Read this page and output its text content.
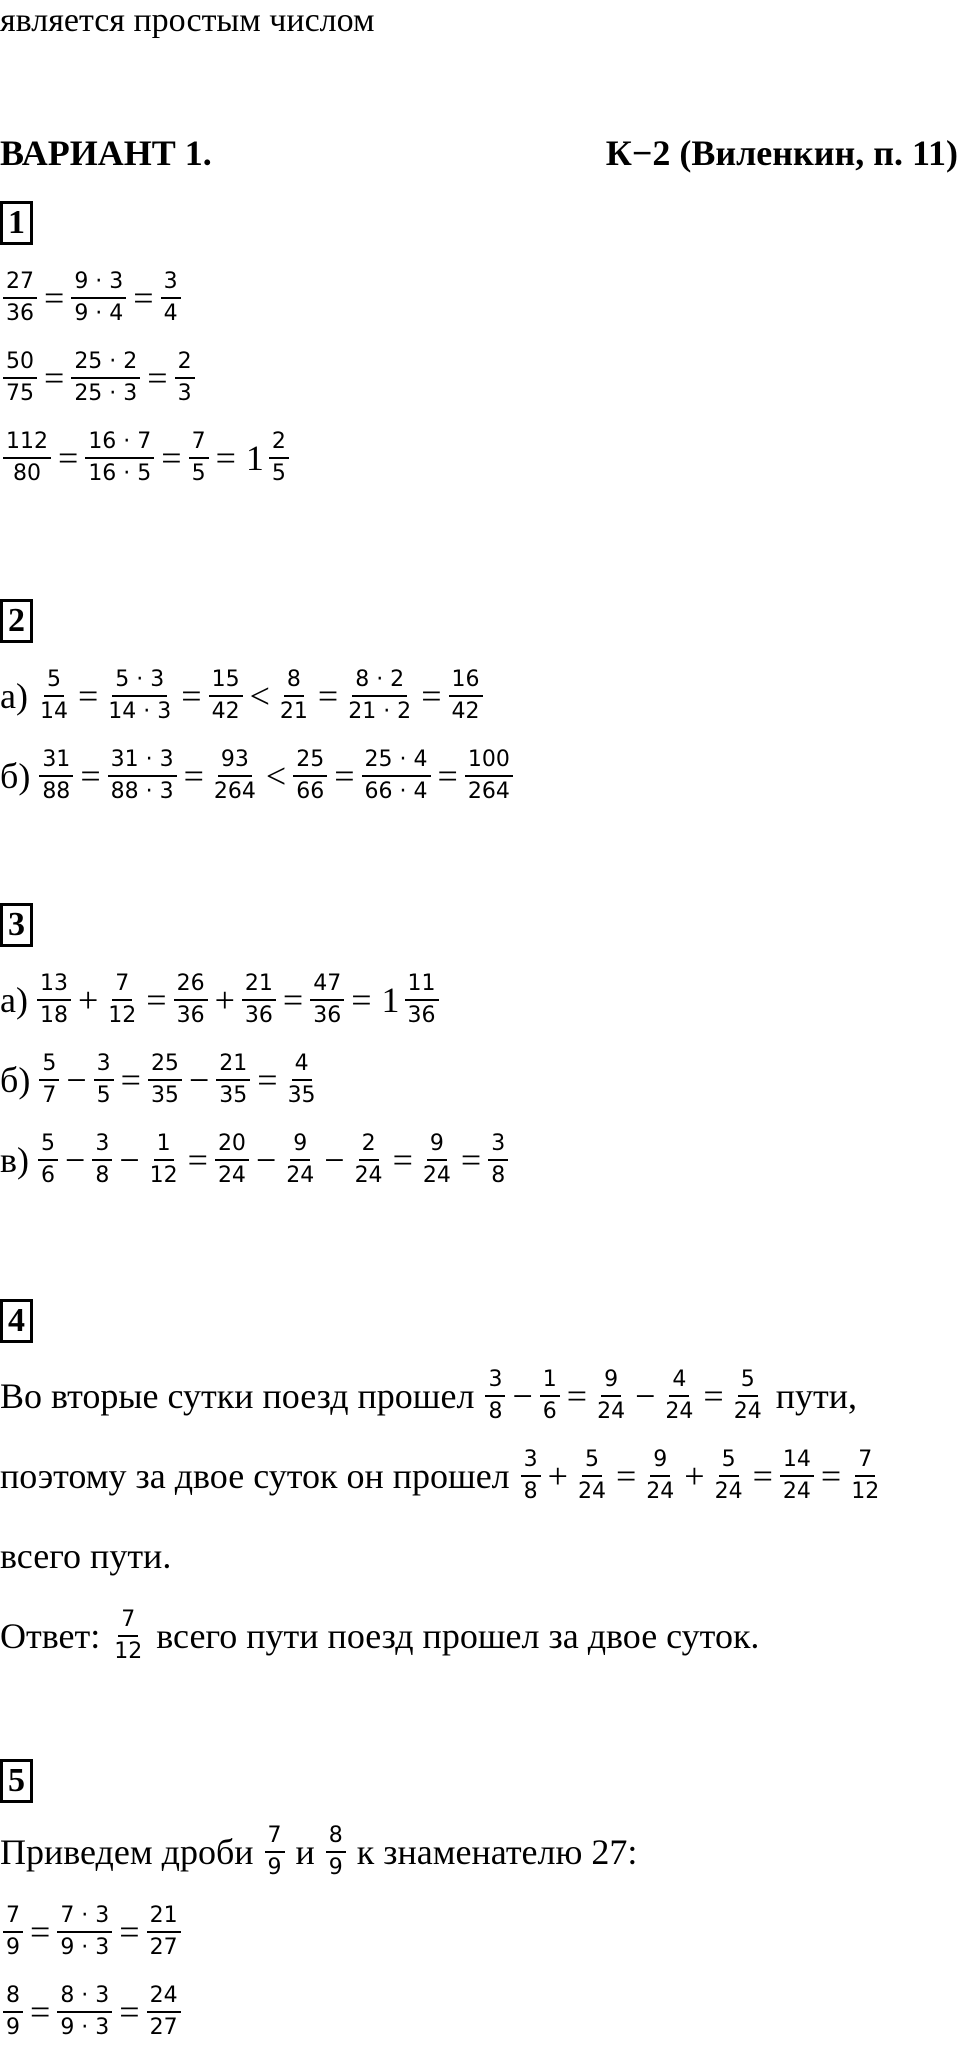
является простым числом
ВАРИАНТ 1.	К−2 (Виленкин, п. 11)
1
$\frac{27}{36} = \frac{9 \cdot 3}{9 \cdot 4} = \frac{3}{4}$
$\frac{50}{75} = \frac{25 \cdot 2}{25 \cdot 3} = \frac{2}{3}$
$\frac{112}{80} = \frac{16 \cdot 7}{16 \cdot 5} = \frac{7}{5} = 1 \frac{2}{5}$
2
$а) \frac{5}{14} = \frac{5 \cdot 3}{14 \cdot 3} = \frac{15}{42} < \frac{8}{21} = \frac{8 \cdot 2}{21 \cdot 2} = \frac{16}{42}$
$б) \frac{31}{88} = \frac{31 \cdot 3}{88 \cdot 3} = \frac{93}{264} < \frac{25}{66} = \frac{25 \cdot 4}{66 \cdot 4} = \frac{100}{264}$
3
$а) \frac{13}{18} + \frac{7}{12} = \frac{26}{36} + \frac{21}{36} = \frac{47}{36} = 1 \frac{11}{36}$
$б) \frac{5}{7} - \frac{3}{5} = \frac{25}{35} - \frac{21}{35} = \frac{4}{35}$
$в) \frac{5}{6} - \frac{3}{8} - \frac{1}{12} = \frac{20}{24} - \frac{9}{24} - \frac{2}{24} = \frac{9}{24} = \frac{3}{8}$
4
Во вторые сутки поезд прошел $\frac{3}{8} - \frac{1}{6} = \frac{9}{24} - \frac{4}{24} = \frac{5}{24}$ пути,
поэтому за двое суток он прошел $\frac{3}{8} + \frac{5}{24} = \frac{9}{24} + \frac{5}{24} = \frac{14}{24} = \frac{7}{12}$
всего пути.
Ответ: $\frac{7}{12}$ всего пути поезд прошел за двое суток.
5
Приведем дроби $\frac{7}{9}$ и $\frac{8}{9}$ к знаменателю 27:
$\frac{7}{9} = \frac{7 \cdot 3}{9 \cdot 3} = \frac{21}{27}$
$\frac{8}{9} = \frac{8 \cdot 3}{9 \cdot 3} = \frac{24}{27}$
